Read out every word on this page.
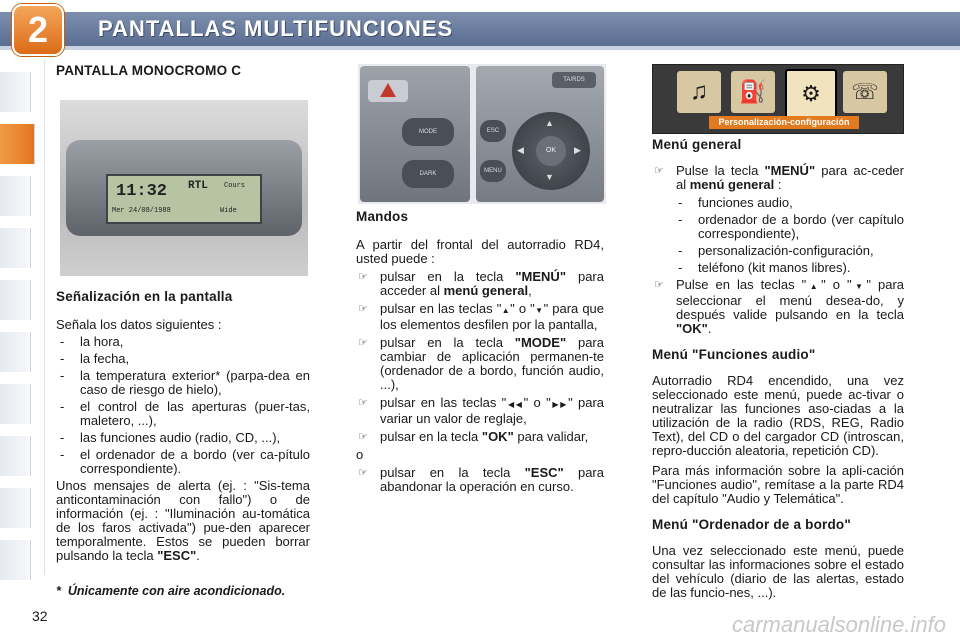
2	PANTALLAS MULTIFUNCIONES
PANTALLA MONOCROMO C
11:32 RTL Cours
Mer 24/08/1988	Wide
Señalización en la pantalla

Señala los datos siguientes :

- la hora,
- la fecha,
- la temperatura exterior* (parpa-dea en caso de riesgo de hielo),
- el control de las aperturas (puer-tas, maletero, ...),
- las funciones audio (radio, CD, ...),
- el ordenador de a bordo (ver ca-pítulo correspondiente).

Unos mensajes de alerta (ej. : "Sis-tema anticontaminación con fallo") o de información (ej. : "Iluminación au-tomática de los faros activada") pue-den aparecer temporalmente. Estos se pueden borrar pulsando la tecla "ESC".

MODE
DARK
TA/RDS
ESC
MENU
OK
▲
▼
◀	▶
Mandos

A partir del frontal del autorradio RD4, usted puede :

☞ pulsar en la tecla "MENÚ" para acceder al menú general,
☞ pulsar en las teclas "▲" o "▼" para que los elementos desfilen por la pantalla,
☞ pulsar en la tecla "MODE" para cambiar de aplicación permanen-te (ordenador de a bordo, función audio, ...),
☞ pulsar en las teclas "◀◀" o "▶▶" para variar un valor de reglaje,
☞ pulsar en la tecla "OK" para validar,

o

☞ pulsar en la tecla "ESC" para abandonar la operación en curso.
♫	⛽	⚙	☏
Personalización-configuración
Menú general
☞ Pulse la tecla "MENÚ" para ac-ceder al menú general :
- funciones audio,
- ordenador de a bordo (ver capítulo correspondiente),
- personalización-configuración,
- teléfono (kit manos libres).
☞ Pulse en las teclas "▲" o "▼" para seleccionar el menú desea-do, y después valide pulsando en la tecla "OK".
Menú "Funciones audio"

Autorradio RD4 encendido, una vez seleccionado este menú, puede ac-tivar o neutralizar las funciones aso-ciadas a la utilización de la radio (RDS, REG, Radio Text), del CD o del cargador CD (introscan, repro-ducción aleatoria, repetición CD).

Para más información sobre la apli-cación "Funciones audio", remítase a la parte RD4 del capítulo "Audio y Telemática".

Menú "Ordenador de a bordo"

Una vez seleccionado este menú, puede consultar las informaciones sobre el estado del vehículo (diario de las alertas, estado de las funcio-nes, ...).

* Únicamente con aire acondicionado.
32	carmanualsonline.info
